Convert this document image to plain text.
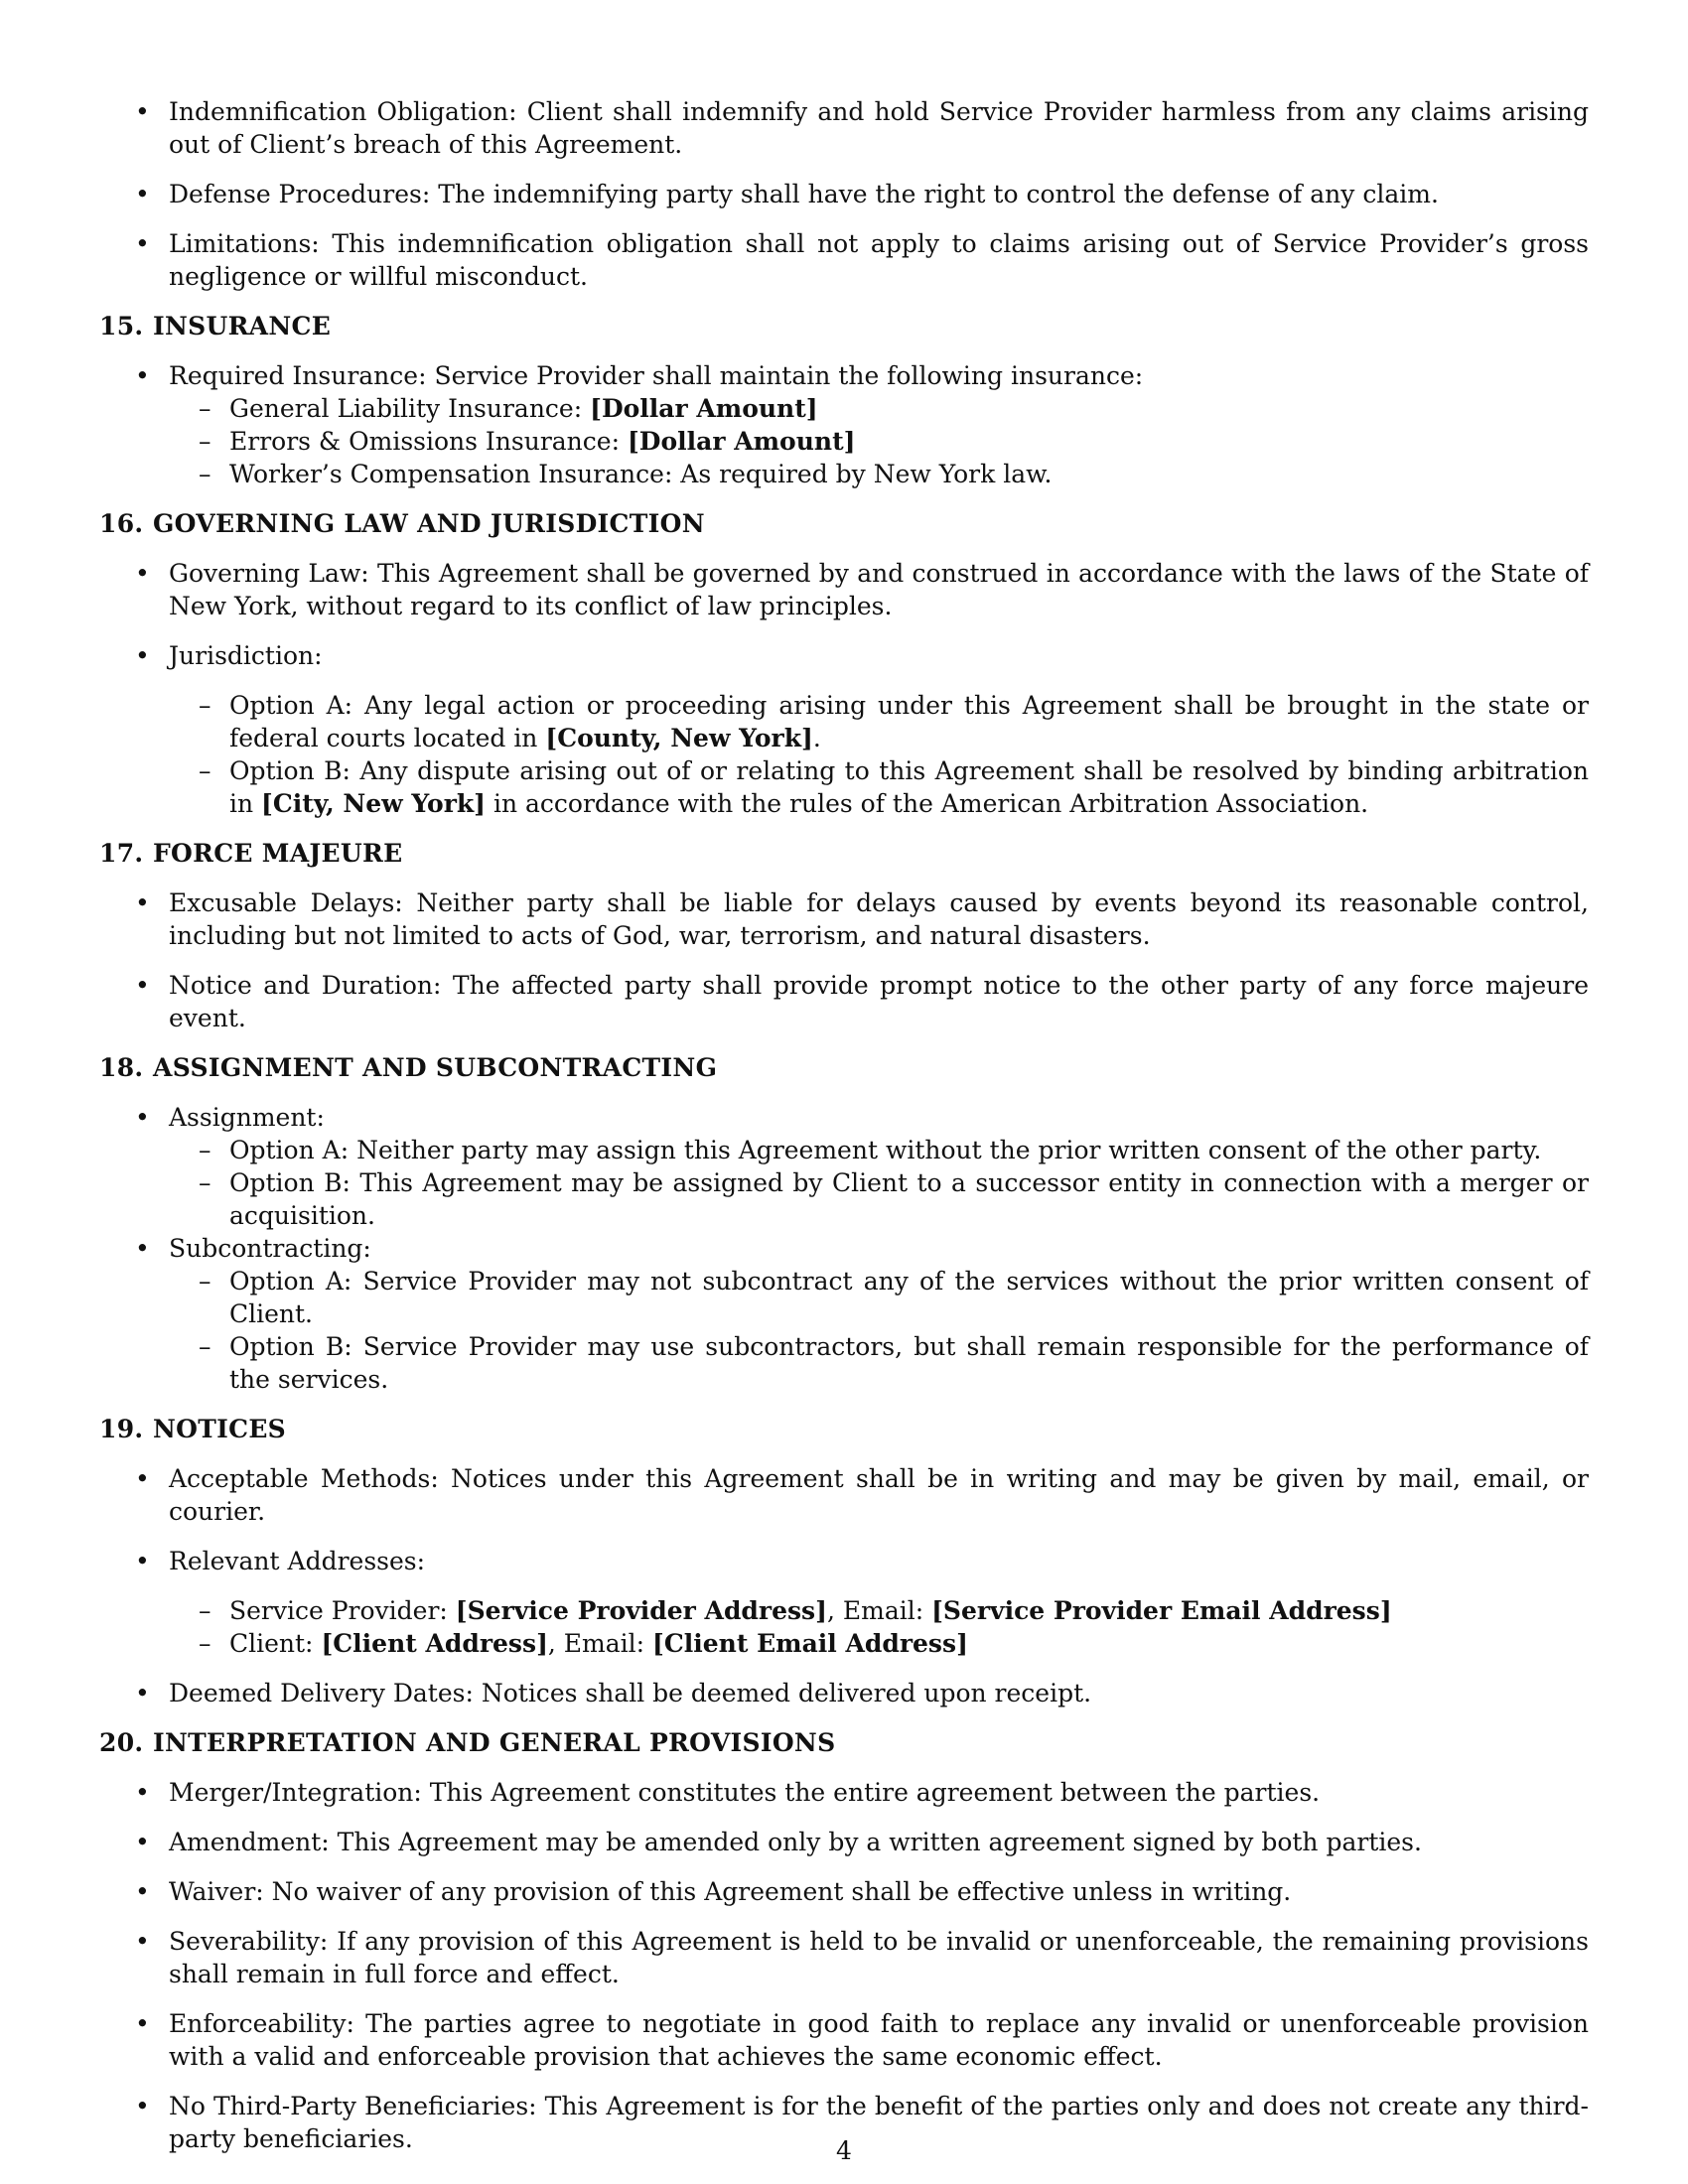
• Indemnification Obligation: Client shall indemnify and hold Service Provider harmless from any claims arising out of Client’s breach of this Agreement.
• Defense Procedures: The indemnifying party shall have the right to control the defense of any claim.
• Limitations: This indemnification obligation shall not apply to claims arising out of Service Provider’s gross negligence or willful misconduct.
15. INSURANCE
• Required Insurance: Service Provider shall maintain the following insurance:
– General Liability Insurance: [Dollar Amount]
– Errors & Omissions Insurance: [Dollar Amount]
– Worker’s Compensation Insurance: As required by New York law.
16. GOVERNING LAW AND JURISDICTION
• Governing Law: This Agreement shall be governed by and construed in accordance with the laws of the State of New York, without regard to its conflict of law principles.
• Jurisdiction:
– Option A: Any legal action or proceeding arising under this Agreement shall be brought in the state or federal courts located in [County, New York].
– Option B: Any dispute arising out of or relating to this Agreement shall be resolved by binding arbitration in [City, New York] in accordance with the rules of the American Arbitration Association.
17. FORCE MAJEURE
• Excusable Delays: Neither party shall be liable for delays caused by events beyond its reasonable control, including but not limited to acts of God, war, terrorism, and natural disasters.
• Notice and Duration: The affected party shall provide prompt notice to the other party of any force majeure event.
18. ASSIGNMENT AND SUBCONTRACTING
• Assignment:
– Option A: Neither party may assign this Agreement without the prior written consent of the other party.
– Option B: This Agreement may be assigned by Client to a successor entity in connection with a merger or acquisition.
• Subcontracting:
– Option A: Service Provider may not subcontract any of the services without the prior written consent of Client.
– Option B: Service Provider may use subcontractors, but shall remain responsible for the performance of the services.
19. NOTICES
• Acceptable Methods: Notices under this Agreement shall be in writing and may be given by mail, email, or courier.
• Relevant Addresses:
– Service Provider: [Service Provider Address], Email: [Service Provider Email Address]
– Client: [Client Address], Email: [Client Email Address]
• Deemed Delivery Dates: Notices shall be deemed delivered upon receipt.
20. INTERPRETATION AND GENERAL PROVISIONS
• Merger/Integration: This Agreement constitutes the entire agreement between the parties.
• Amendment: This Agreement may be amended only by a written agreement signed by both parties.
• Waiver: No waiver of any provision of this Agreement shall be effective unless in writing.
• Severability: If any provision of this Agreement is held to be invalid or unenforceable, the remaining provisions shall remain in full force and effect.
• Enforceability: The parties agree to negotiate in good faith to replace any invalid or unenforceable provision with a valid and enforceable provision that achieves the same economic effect.
• No Third-Party Beneficiaries: This Agreement is for the benefit of the parties only and does not create any third-party beneficiaries.	4
